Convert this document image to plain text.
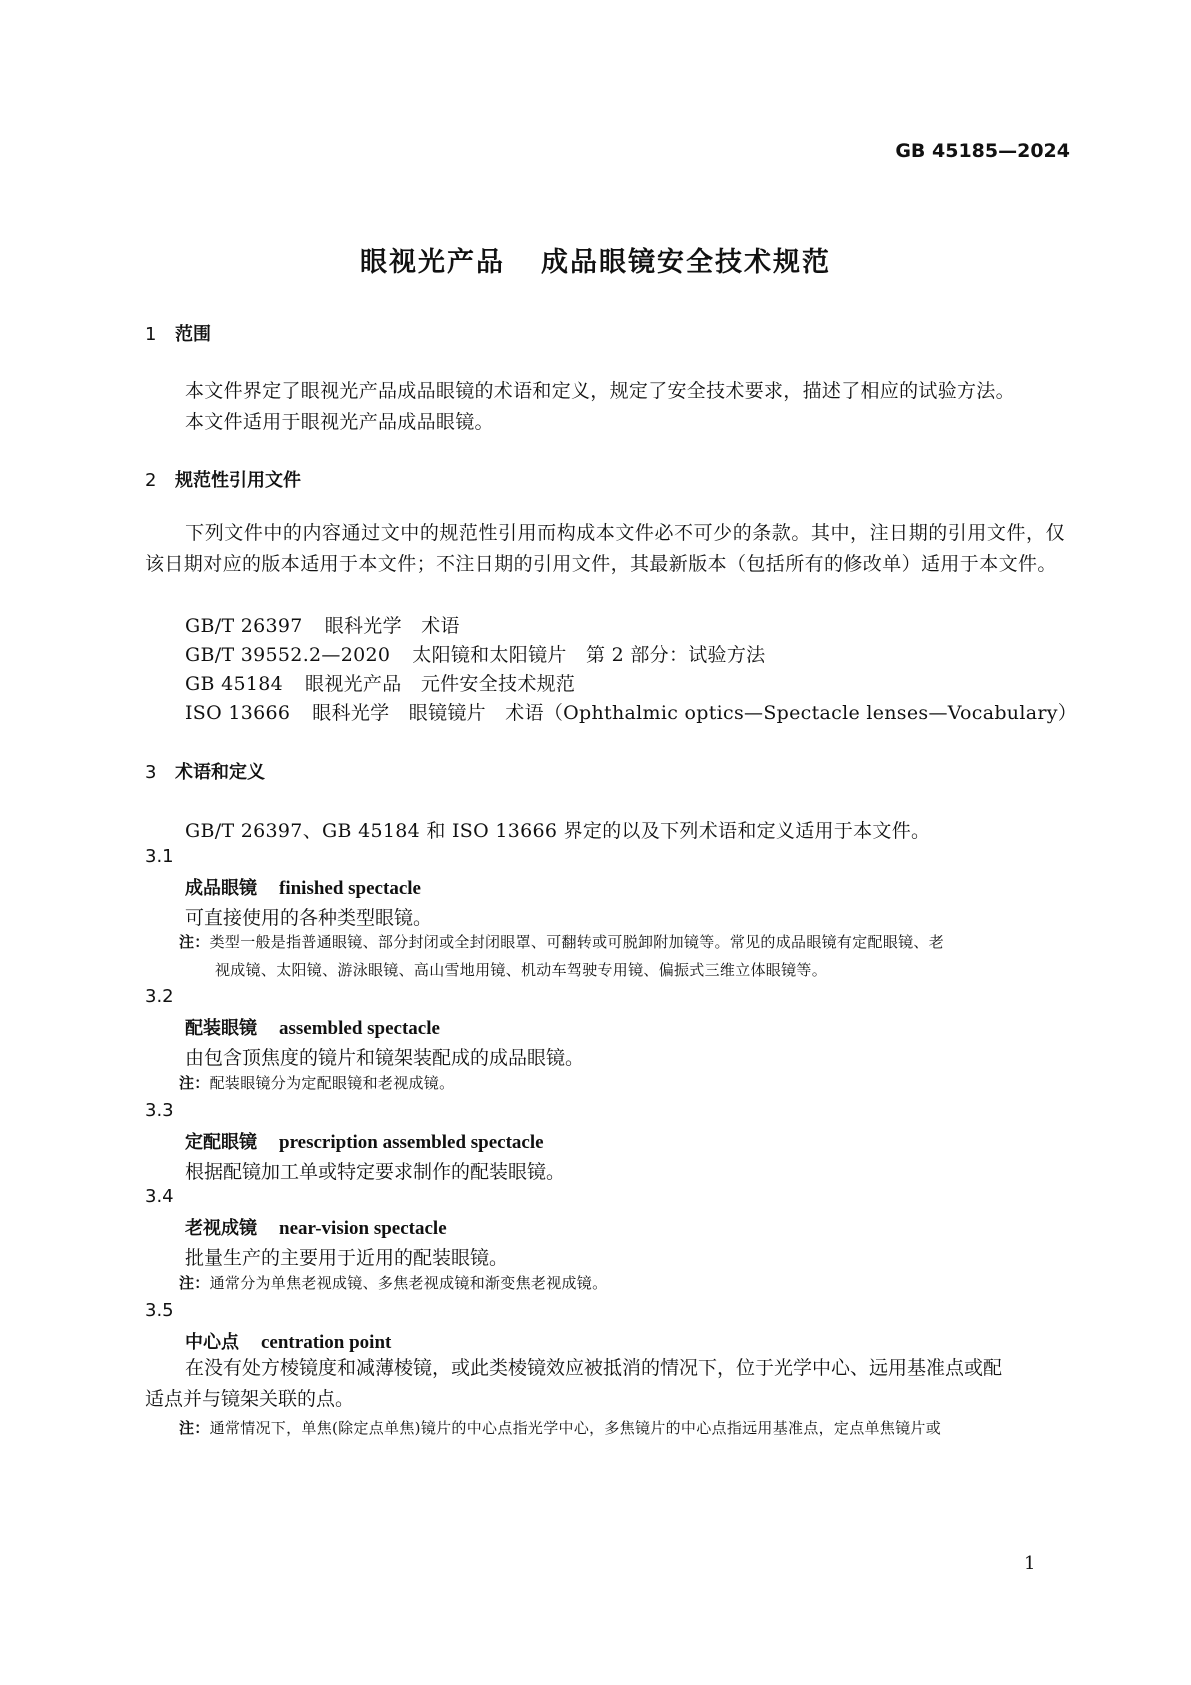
GB 45185—2024
眼视光产品 成品眼镜安全技术规范
1 范围
本文件界定了眼视光产品成品眼镜的术语和定义，规定了安全技术要求，描述了相应的试验方法。
本文件适用于眼视光产品成品眼镜。
2 规范性引用文件
下列文件中的内容通过文中的规范性引用而构成本文件必不可少的条款。其中，注日期的引用文件，仅该日期对应的版本适用于本文件；不注日期的引用文件，其最新版本（包括所有的修改单）适用于本文件。
GB/T 26397 眼科光学　术语
GB/T 39552.2—2020 太阳镜和太阳镜片　第 2 部分：试验方法
GB 45184 眼视光产品　元件安全技术规范
ISO 13666 眼科光学　眼镜镜片　术语（Ophthalmic optics—Spectacle lenses—Vocabulary）
3 术语和定义
GB/T 26397、GB 45184 和 ISO 13666 界定的以及下列术语和定义适用于本文件。
3.1
成品眼镜 finished spectacle
可直接使用的各种类型眼镜。
注：类型一般是指普通眼镜、部分封闭或全封闭眼罩、可翻转或可脱卸附加镜等。常见的成品眼镜有定配眼镜、老
视成镜、太阳镜、游泳眼镜、高山雪地用镜、机动车驾驶专用镜、偏振式三维立体眼镜等。
3.2
配装眼镜 assembled spectacle
由包含顶焦度的镜片和镜架装配成的成品眼镜。
注：配装眼镜分为定配眼镜和老视成镜。
3.3
定配眼镜 prescription assembled spectacle
根据配镜加工单或特定要求制作的配装眼镜。
3.4
老视成镜 near-vision spectacle
批量生产的主要用于近用的配装眼镜。
注：通常分为单焦老视成镜、多焦老视成镜和渐变焦老视成镜。
3.5
中心点 centration point
在没有处方棱镜度和减薄棱镜，或此类棱镜效应被抵消的情况下，位于光学中心、远用基准点或配
适点并与镜架关联的点。
注：通常情况下，单焦(除定点单焦)镜片的中心点指光学中心，多焦镜片的中心点指远用基准点，定点单焦镜片或
1
